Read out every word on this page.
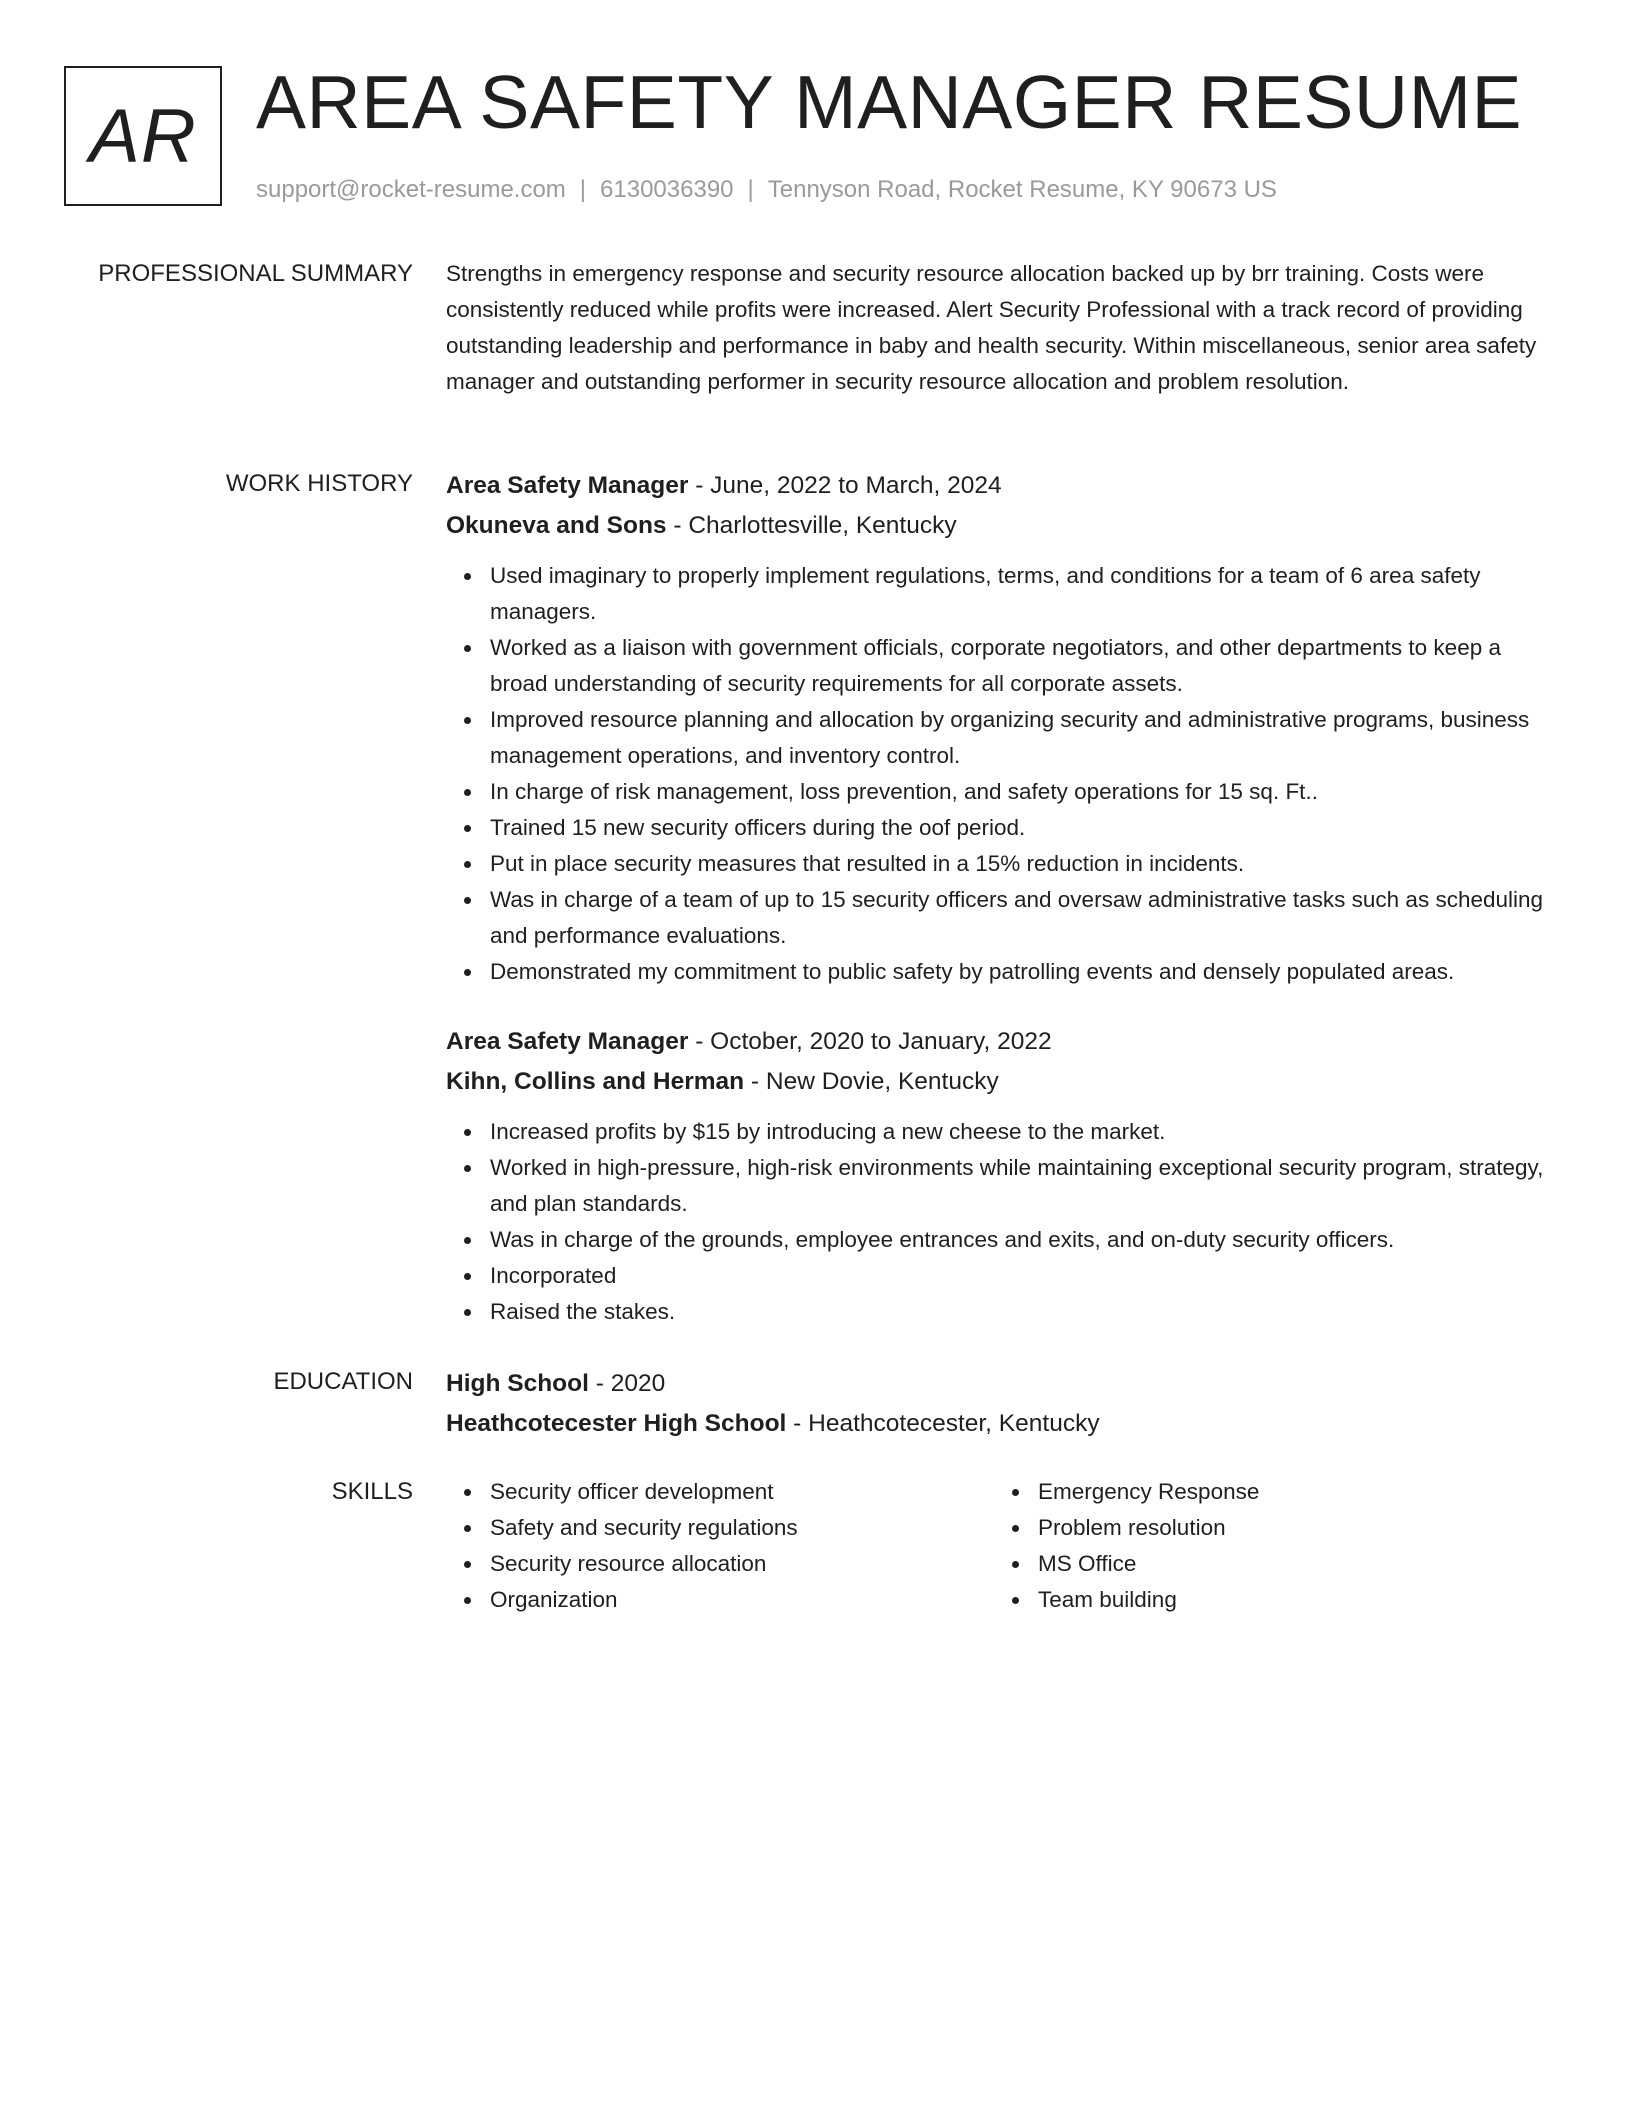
AR AREA SAFETY MANAGER RESUME
support@rocket-resume.com | 6130036390 | Tennyson Road, Rocket Resume, KY 90673 US
PROFESSIONAL SUMMARY Strengths in emergency response and security resource allocation backed up by brr training. Costs were consistently reduced while profits were increased. Alert Security Professional with a track record of providing outstanding leadership and performance in baby and health security. Within miscellaneous, senior area safety manager and outstanding performer in security resource allocation and problem resolution.

WORK HISTORY Area Safety Manager - June, 2022 to March, 2024
Okuneva and Sons - Charlottesville, Kentucky
Used imaginary to properly implement regulations, terms, and conditions for a team of 6 area safety managers.
Worked as a liaison with government officials, corporate negotiators, and other departments to keep a broad understanding of security requirements for all corporate assets.
Improved resource planning and allocation by organizing security and administrative programs, business management operations, and inventory control.
In charge of risk management, loss prevention, and safety operations for 15 sq. Ft..
Trained 15 new security officers during the oof period.
Put in place security measures that resulted in a 15% reduction in incidents.
Was in charge of a team of up to 15 security officers and oversaw administrative tasks such as scheduling and performance evaluations.
Demonstrated my commitment to public safety by patrolling events and densely populated areas.
Area Safety Manager - October, 2020 to January, 2022
Kihn, Collins and Herman - New Dovie, Kentucky
Increased profits by $15 by introducing a new cheese to the market.
Worked in high-pressure, high-risk environments while maintaining exceptional security program, strategy, and plan standards.
Was in charge of the grounds, employee entrances and exits, and on-duty security officers.
Incorporated
Raised the stakes.
EDUCATION High School - 2020
Heathcotecester High School - Heathcotecester, Kentucky
SKILLS	Security officer development
Safety and security regulations
Security resource allocation
Organization
Emergency Response
Problem resolution
MS Office
Team building
